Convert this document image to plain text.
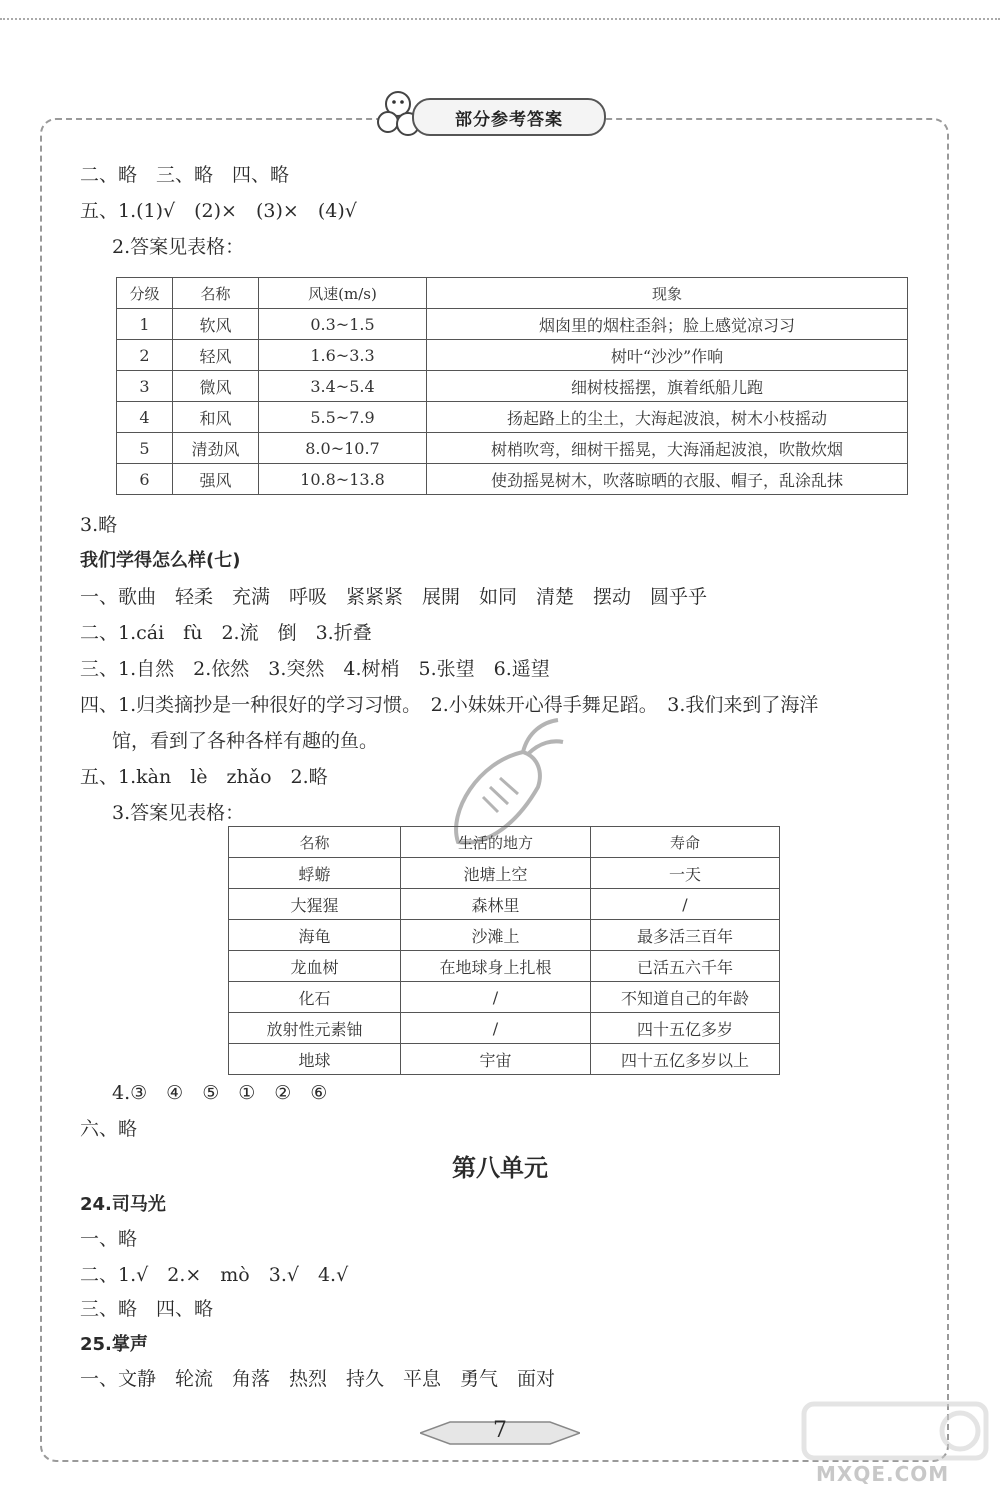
部分参考答案
二、略　三、略　四、略
五、1.(1)√　(2)×　(3)×　(4)√
2.答案见表格：
分级	名称	风速(m/s)	现象
1	软风	0.3~1.5	烟囱里的烟柱歪斜；脸上感觉凉习习
2	轻风	1.6~3.3	树叶“沙沙”作响
3	微风	3.4~5.4	细树枝摇摆，旗着纸船儿跑
4	和风	5.5~7.9	扬起路上的尘土，大海起波浪，树木小枝摇动
5	清劲风	8.0~10.7	树梢吹弯，细树干摇晃，大海涌起波浪，吹散炊烟
6	强风	10.8~13.8	使劲摇晃树木，吹落晾晒的衣服、帽子，乱涂乱抹
3.略
我们学得怎么样(七)
一、歌曲　轻柔　充满　呼吸　紧紧紧　展開　如同　清楚　摆动　圆乎乎
二、1.cái　fù　2.流　倒　3.折叠
三、1.自然　2.依然　3.突然　4.树梢　5.张望　6.遥望
四、1.归类摘抄是一种很好的学习习惯。　2.小妹妹开心得手舞足蹈。　3.我们来到了海洋
馆，看到了各种各样有趣的鱼。
五、1.kàn　lè　zhǎo　2.略
3.答案见表格：
名称	生活的地方	寿命
蜉蝣	池塘上空	一天
大猩猩	森林里	/
海龟	沙滩上	最多活三百年
龙血树	在地球身上扎根	已活五六千年
化石	/	不知道自己的年龄
放射性元素铀	/	四十五亿多岁
地球	宇宙	四十五亿多岁以上
4.③　④　⑤　①　②　⑥
六、略
第八单元
24.司马光
一、略
二、1.√　2.×　mò　3.√　4.√
三、略　四、略
25.掌声
一、文静　轮流　角落　热烈　持久　平息　勇气　面对
7
MXQE.COM
